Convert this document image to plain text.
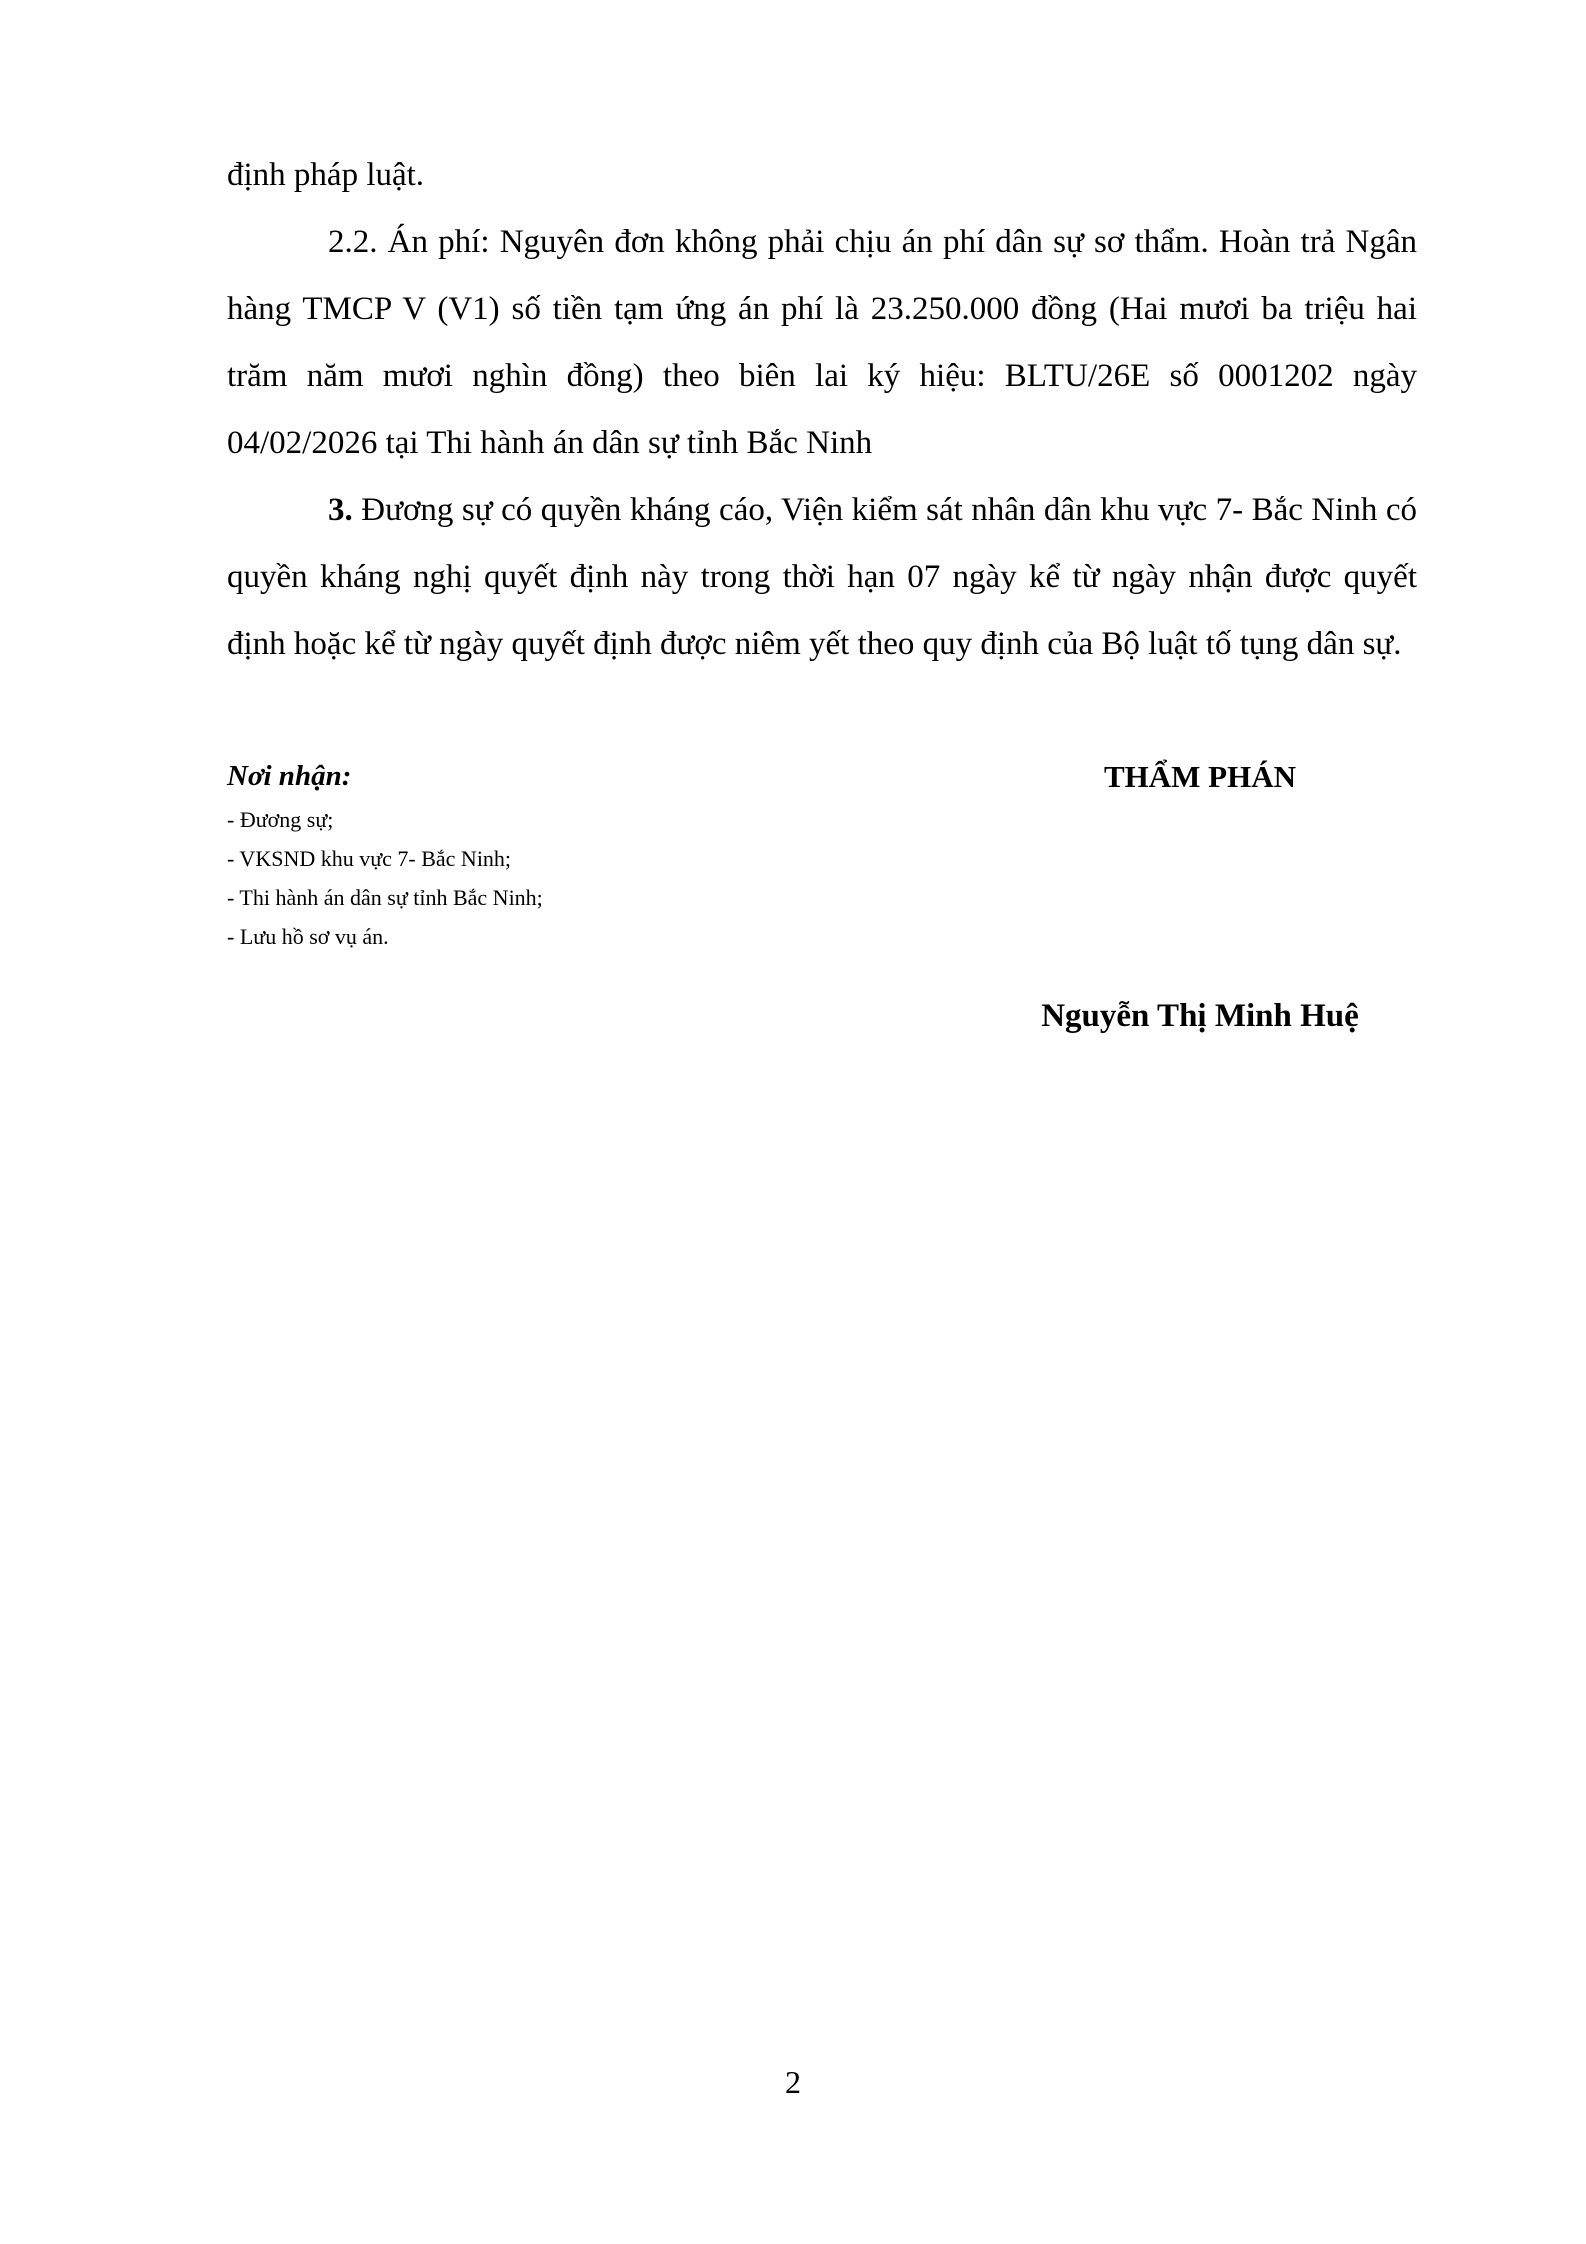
định pháp luật.

2.2. Án phí: Nguyên đơn không phải chịu án phí dân sự sơ thẩm. Hoàn trả Ngân hàng TMCP V (V1) số tiền tạm ứng án phí là 23.250.000 đồng (Hai mươi ba triệu hai trăm năm mươi nghìn đồng) theo biên lai ký hiệu: BLTU/26E số 0001202 ngày 04/02/2026 tại Thi hành án dân sự tỉnh Bắc Ninh

3. Đương sự có quyền kháng cáo, Viện kiểm sát nhân dân khu vực 7- Bắc Ninh có quyền kháng nghị quyết định này trong thời hạn 07 ngày kể từ ngày nhận được quyết định hoặc kể từ ngày quyết định được niêm yết theo quy định của Bộ luật tố tụng dân sự.

Nơi nhận:

- Đương sự;
- VKSND khu vực 7- Bắc Ninh;
- Thi hành án dân sự tỉnh Bắc Ninh;
- Lưu hồ sơ vụ án.
THẨM PHÁN
Nguyễn Thị Minh Huệ
2
